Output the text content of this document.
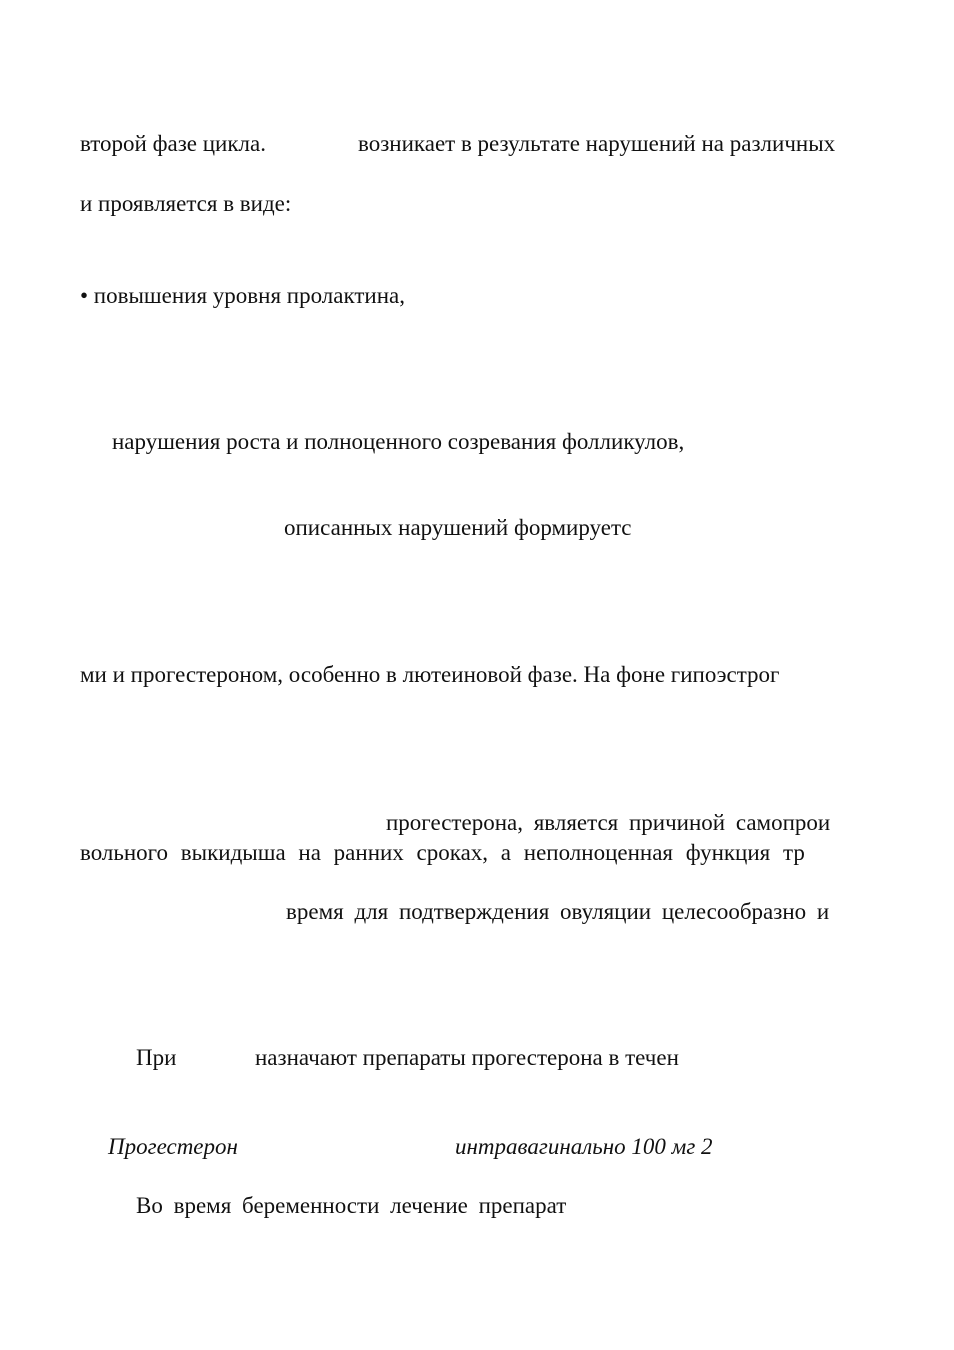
второй фазе цикла.	возникает в результате нарушений на различных
и проявляется в виде:
• повышения уровня пролактина,
нарушения роста и полноценного созревания фолликулов,
описанных нарушений формируетс
ми и прогестероном, особенно в лютеиновой фазе. На фоне гипоэстрог
прогестерона, является причиной самопрои
вольного выкидыша на ранних сроках, а неполноценная функция тр
время для подтверждения овуляции целесообразно и
При	назначают препараты прогестерона в течен
Прогестерон	интравагинально 100 мг 2
Во время беременности лечение препарат
